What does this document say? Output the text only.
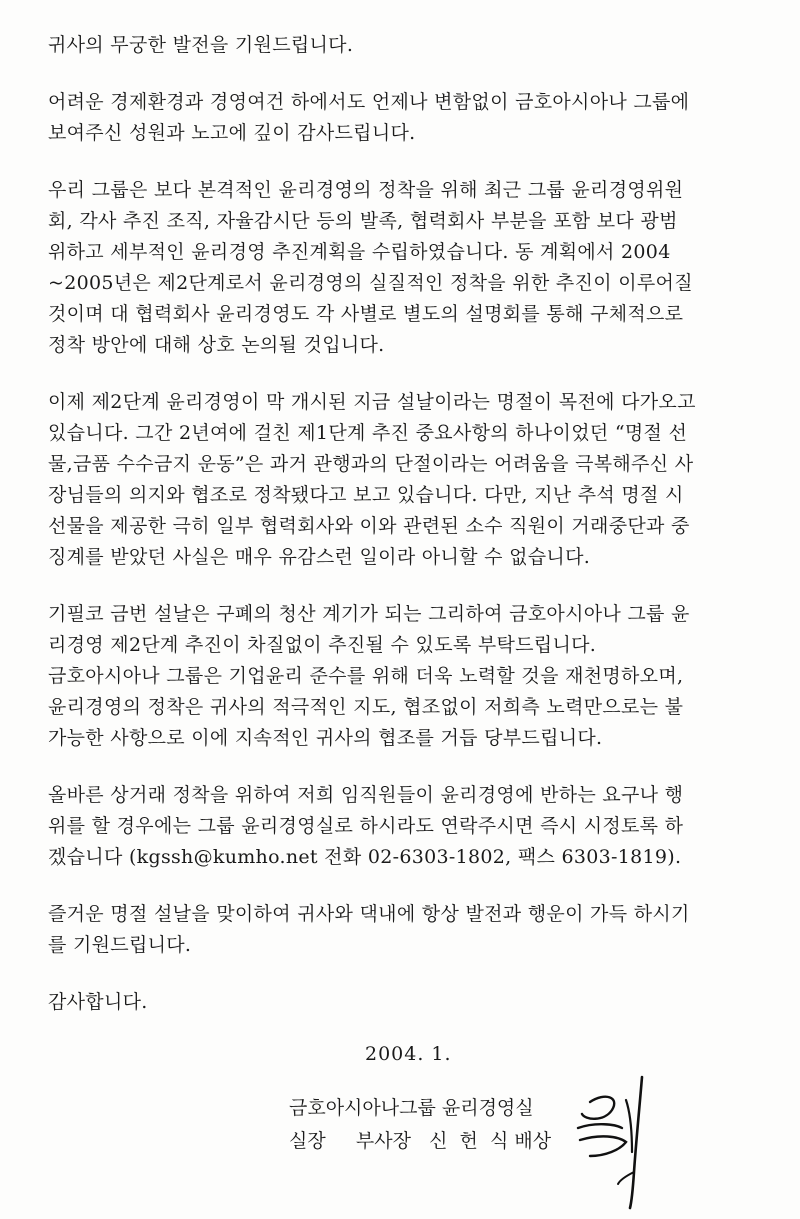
귀사의 무궁한 발전을 기원드립니다.

어려운 경제환경과 경영여건 하에서도 언제나 변함없이 금호아시아나 그룹에
보여주신 성원과 노고에 깊이 감사드립니다.

우리 그룹은 보다 본격적인 윤리경영의 정착을 위해 최근 그룹 윤리경영위원
회, 각사 추진 조직, 자율감시단 등의 발족, 협력회사 부분을 포함 보다 광범
위하고 세부적인 윤리경영 추진계획을 수립하였습니다. 동 계획에서 2004
~2005년은 제2단계로서 윤리경영의 실질적인 정착을 위한 추진이 이루어질
것이며 대 협력회사 윤리경영도 각 사별로 별도의 설명회를 통해 구체적으로
정착 방안에 대해 상호 논의될 것입니다.

이제 제2단계 윤리경영이 막 개시된 지금 설날이라는 명절이 목전에 다가오고
있습니다. 그간 2년여에 걸친 제1단계 추진 중요사항의 하나이었던 “명절 선
물,금품 수수금지 운동”은 과거 관행과의 단절이라는 어려움을 극복해주신 사
장님들의 의지와 협조로 정착됐다고 보고 있습니다. 다만, 지난 추석 명절 시
선물을 제공한 극히 일부 협력회사와 이와 관련된 소수 직원이 거래중단과 중
징계를 받았던 사실은 매우 유감스런 일이라 아니할 수 없습니다.

기필코 금번 설날은 구폐의 청산 계기가 되는 그리하여 금호아시아나 그룹 윤
리경영 제2단계 추진이 차질없이 추진될 수 있도록 부탁드립니다.

금호아시아나 그룹은 기업윤리 준수를 위해 더욱 노력할 것을 재천명하오며,
윤리경영의 정착은 귀사의 적극적인 지도, 협조없이 저희측 노력만으로는 불
가능한 사항으로 이에 지속적인 귀사의 협조를 거듭 당부드립니다.

올바른 상거래 정착을 위하여 저희 임직원들이 윤리경영에 반하는 요구나 행
위를 할 경우에는 그룹 윤리경영실로 하시라도 연락주시면 즉시 시정토록 하
겠습니다 (kgssh@kumho.net 전화 02-6303-1802, 팩스 6303-1819).

즐거운 명절 설날을 맞이하여 귀사와 댁내에 항상 발전과 행운이 가득 하시기
를 기원드립니다.

감사합니다.

2004. 1.
금호아시아나그룹 윤리경영실
실장     부사장   신  헌  식 배상
